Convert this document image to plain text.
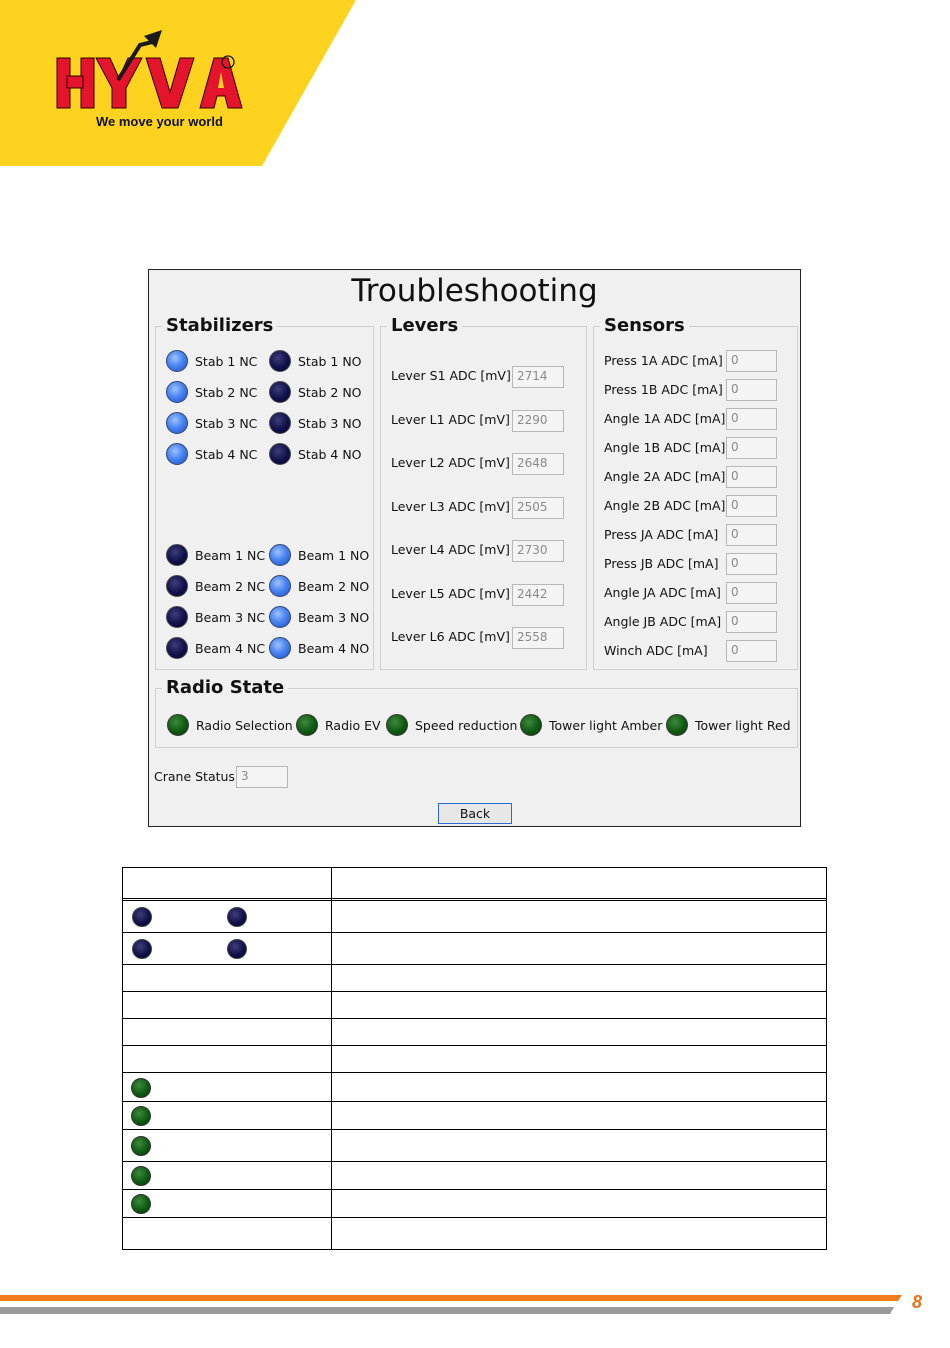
We move your world
Troubleshooting
Stabilizers
Stab 1 NC	Stab 1 NO
Stab 2 NC	Stab 2 NO
Stab 3 NC	Stab 3 NO
Stab 4 NC	Stab 4 NO
Beam 1 NC	Beam 1 NO
Beam 2 NC	Beam 2 NO
Beam 3 NC	Beam 3 NO
Beam 4 NC	Beam 4 NO
Levers
Lever S1 ADC [mV] 2714
Lever L1 ADC [mV] 2290
Lever L2 ADC [mV] 2648
Lever L3 ADC [mV] 2505
Lever L4 ADC [mV] 2730
Lever L5 ADC [mV] 2442
Lever L6 ADC [mV] 2558
Sensors
Press 1A ADC [mA] 0
Press 1B ADC [mA] 0
Angle 1A ADC [mA] 0
Angle 1B ADC [mA] 0
Angle 2A ADC [mA] 0
Angle 2B ADC [mA] 0
Press JA ADC [mA]	0
Press JB ADC [mA]	0
Angle JA ADC [mA] 0
Angle JB ADC [mA] 0
Winch ADC [mA]	0
Radio State
Radio Selection	Radio EV	Speed reduction	Tower light Amber	Tower light Red
Crane Status 3
Back
8
